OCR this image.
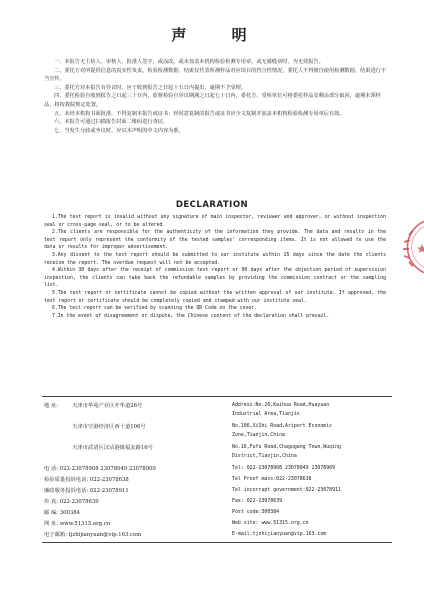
声 明

一、本报告无主检人、审核人、批准人签字，或涂改，或未加盖本机构检验检测专用章，或无骑缝章时，为无效报告。

二、委托方对所提供信息的真实性负责。检验检测数据、结果仅代表所测样品对应项目的符合性情况，委托人不得擅自使用检测数据、结果进行不当宣传。

三、委托方对本报告有异议时，应于收到报告之日起十五日内提出，逾期不予受理。

四、委托检验自收到报告之日起三十日内，监督检验自异议期满之日起七十日内，委托方、受检单位可将委托样品及剩余部分取回，逾期未领样品，将按我院规定处置。

五、未经本机构书面批准，不得复制本报告或证书；经同意复制的报告或证书应全文复制并加盖本机构检验检测专用章后有效。

六、本报告可通过扫描报告封面二维码进行查证。

七、当发生分歧或争议时，应以本声明的中文内容为准。

DECLARATION

1.The test report is invalid without any signature of main inspector, reviewer and approver, or without inspection seal or cross-page seal, or to be altered.

2.The clients are responsible for the authenticity of the information they provide. The data and results in the test report only represent the conformity of the tested samples' corresponding items. It is not allowed to use the data or results for improper advertisement.

3.Any dissent to the test report should be submitted to our institute within 15 days since the date the clients receive the report. The overdue request will not be accepted.

4.Within 30 days after the receipt of commission test report or 90 days after the objection period of supervision inspection, the clients can take back the refundable samples by providing the commission contract or the sampling list.

5.The test report or certificate cannot be copied without the written approval of our institute. If approved, the test report or certificate should be completely copied and stamped with our institute seal.

6.The test report can be verified by scanning the QR Code on the cover.

7.In the event of disagreement or dispute, the Chinese content of the declaration shall prevail.

地 址:	天津市华苑产业区开华道26号	Address:No.26,Kaihua Road,Huayuan
Industrial Area,Tianjin
天津市空港经济区西十道106号	No.106,XiShi Road,Ariport Economic
Zone,Tianjin,China
天津市武清区汉沽港镇福友路16号	No.16,Fufu Road,Chagugang Town,Wuqing
District,Tianjin,China
电 话: 022-23078908 23078049 23078909	Tel: 022-23078908 23078049 23078909
检验质量投诉电话: 022-23078638	Tel Proof mass:022-23078638
廉政服务投诉电话: 022-23078911	Tel incorrupt government:022-23078911
传 真: 022-23078639	Fax: 022-23078639
邮 编: 300384	Post code:300384
网 址: www.51315.org.cn	Web site: www.51315.org.cn
电子邮箱: tjzhijianyuan@vip.163.com	E-mail:tjzhijianyuan@vip.163.com
